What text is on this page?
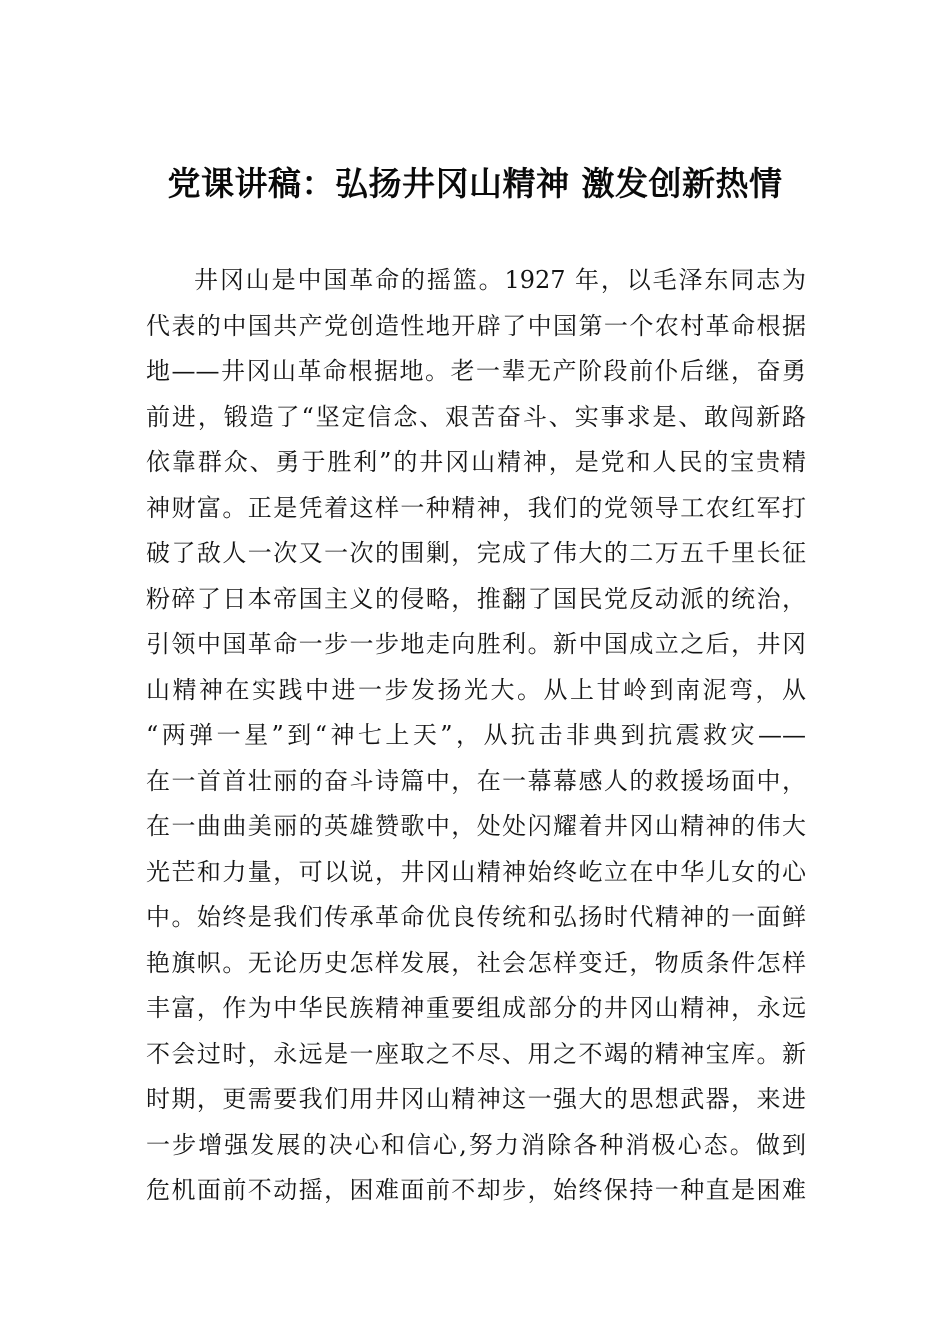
党课讲稿：弘扬井冈山精神 激发创新热情
井冈山是中国革命的摇篮。1927 年，以毛泽东同志为
代表的中国共产党创造性地开辟了中国第一个农村革命根据
地——井冈山革命根据地。老一辈无产阶段前仆后继，奋勇
前进，锻造了“坚定信念、艰苦奋斗、实事求是、敢闯新路
依靠群众、勇于胜利”的井冈山精神，是党和人民的宝贵精
神财富。正是凭着这样一种精神，我们的党领导工农红军打
破了敌人一次又一次的围剿，完成了伟大的二万五千里长征
粉碎了日本帝国主义的侵略，推翻了国民党反动派的统治，
引领中国革命一步一步地走向胜利。新中国成立之后，井冈
山精神在实践中进一步发扬光大。从上甘岭到南泥弯，从
“两弹一星”到“神七上天”，从抗击非典到抗震救灾——
在一首首壮丽的奋斗诗篇中，在一幕幕感人的救援场面中，
在一曲曲美丽的英雄赞歌中，处处闪耀着井冈山精神的伟大
光芒和力量，可以说，井冈山精神始终屹立在中华儿女的心
中。始终是我们传承革命优良传统和弘扬时代精神的一面鲜
艳旗帜。无论历史怎样发展，社会怎样变迁，物质条件怎样
丰富，作为中华民族精神重要组成部分的井冈山精神，永远
不会过时，永远是一座取之不尽、用之不竭的精神宝库。新
时期，更需要我们用井冈山精神这一强大的思想武器，来进
一步增强发展的决心和信心,努力消除各种消极心态。做到
危机面前不动摇，困难面前不却步，始终保持一种直是困难
